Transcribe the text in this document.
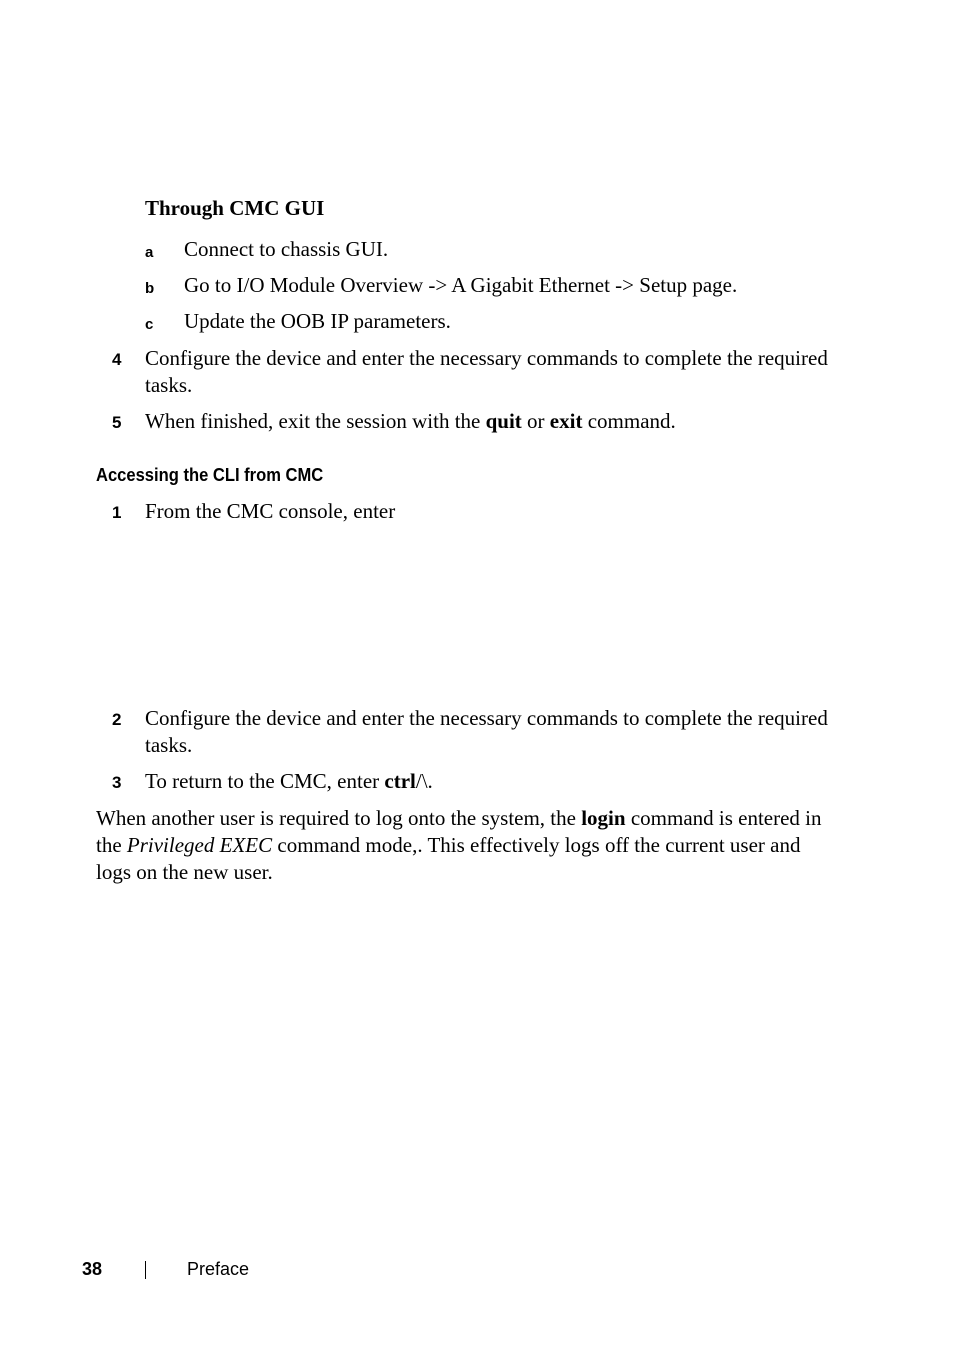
Through CMC GUI
a Connect to chassis GUI.
b Go to I/O Module Overview -> A Gigabit Ethernet -> Setup page.
c Update the OOB IP parameters.
4 Configure the device and enter the necessary commands to complete the required tasks.
5 When finished, exit the session with the quit or exit command.
Accessing the CLI from CMC
1 From the CMC console, enter
2 Configure the device and enter the necessary commands to complete the required tasks.
3 To return to the CMC, enter ctrl/\.
When another user is required to log onto the system, the login command is entered in the Privileged EXEC command mode,. This effectively logs off the current user and logs on the new user.
38	Preface
